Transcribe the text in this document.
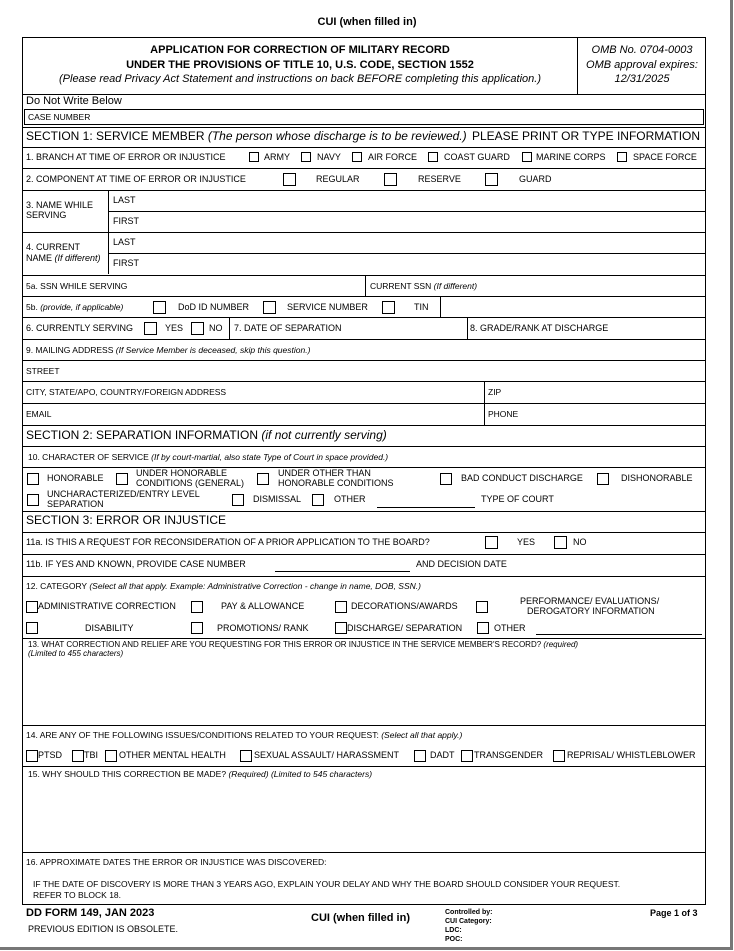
CUI (when filled in)
APPLICATION FOR CORRECTION OF MILITARY RECORD
UNDER THE PROVISIONS OF TITLE 10, U.S. CODE, SECTION 1552
(Please read Privacy Act Statement and instructions on back BEFORE completing this application.)
OMB No. 0704-0003
OMB approval expires:
12/31/2025
Do Not Write Below
CASE NUMBER
SECTION 1: SERVICE MEMBER (The person whose discharge is to be reviewed.) PLEASE PRINT OR TYPE INFORMATION
1. BRANCH AT TIME OF ERROR OR INJUSTICE	ARMY	NAVY	AIR FORCE	COAST GUARD	MARINE CORPS	SPACE FORCE
2. COMPONENT AT TIME OF ERROR OR INJUSTICE	REGULAR	RESERVE	GUARD
3. NAME WHILE
SERVING
LAST
FIRST
4. CURRENT
NAME (If different)
LAST
FIRST
5a. SSN WHILE SERVING	CURRENT SSN (If different)
5b. (provide, if applicable)	DoD ID NUMBER	SERVICE NUMBER	TIN
6. CURRENTLY SERVING	YES	NO 7. DATE OF SEPARATION	8. GRADE/RANK AT DISCHARGE
9. MAILING ADDRESS (If Service Member is deceased, skip this question.)
STREET
CITY, STATE/APO, COUNTRY/FOREIGN ADDRESS	ZIP
EMAIL	PHONE
SECTION 2: SEPARATION INFORMATION (if not currently serving)
10. CHARACTER OF SERVICE (If by court-martial, also state Type of Court in space provided.)
HONORABLE	UNDER HONORABLE
CONDITIONS (GENERAL)
UNDER OTHER THAN
HONORABLE CONDITIONS	BAD CONDUCT DISCHARGE	DISHONORABLE
UNCHARACTERIZED/ENTRY LEVEL
SEPARATION	DISMISSAL	OTHER	TYPE OF COURT
SECTION 3: ERROR OR INJUSTICE
11a. IS THIS A REQUEST FOR RECONSIDERATION OF A PRIOR APPLICATION TO THE BOARD?	YES	NO
11b. IF YES AND KNOWN, PROVIDE CASE NUMBER	AND DECISION DATE
12. CATEGORY (Select all that apply. Example: Administrative Correction - change in name, DOB, SSN.)
ADMINISTRATIVE CORRECTION	PAY & ALLOWANCE	DECORATIONS/AWARDS	PERFORMANCE/ EVALUATIONS/
DEROGATORY INFORMATION
DISABILITY	PROMOTIONS/ RANK	DISCHARGE/ SEPARATION	OTHER
13. WHAT CORRECTION AND RELIEF ARE YOU REQUESTING FOR THIS ERROR OR INJUSTICE IN THE SERVICE MEMBER'S RECORD? (required)
(Limited to 455 characters)
14. ARE ANY OF THE FOLLOWING ISSUES/CONDITIONS RELATED TO YOUR REQUEST: (Select all that apply.)
PTSD TBI OTHER MENTAL HEALTH	SEXUAL ASSAULT/ HARASSMENT	DADT TRANSGENDER	REPRISAL/ WHISTLEBLOWER
15. WHY SHOULD THIS CORRECTION BE MADE? (Required) (Limited to 545 characters)
16. APPROXIMATE DATES THE ERROR OR INJUSTICE WAS DISCOVERED:
IF THE DATE OF DISCOVERY IS MORE THAN 3 YEARS AGO, EXPLAIN YOUR DELAY AND WHY THE BOARD SHOULD CONSIDER YOUR REQUEST.
REFER TO BLOCK 18.
DD FORM 149, JAN 2023
PREVIOUS EDITION IS OBSOLETE.
CUI (when filled in)	Controlled by:
CUI Category:
LDC:
POC:
Page 1 of 3
